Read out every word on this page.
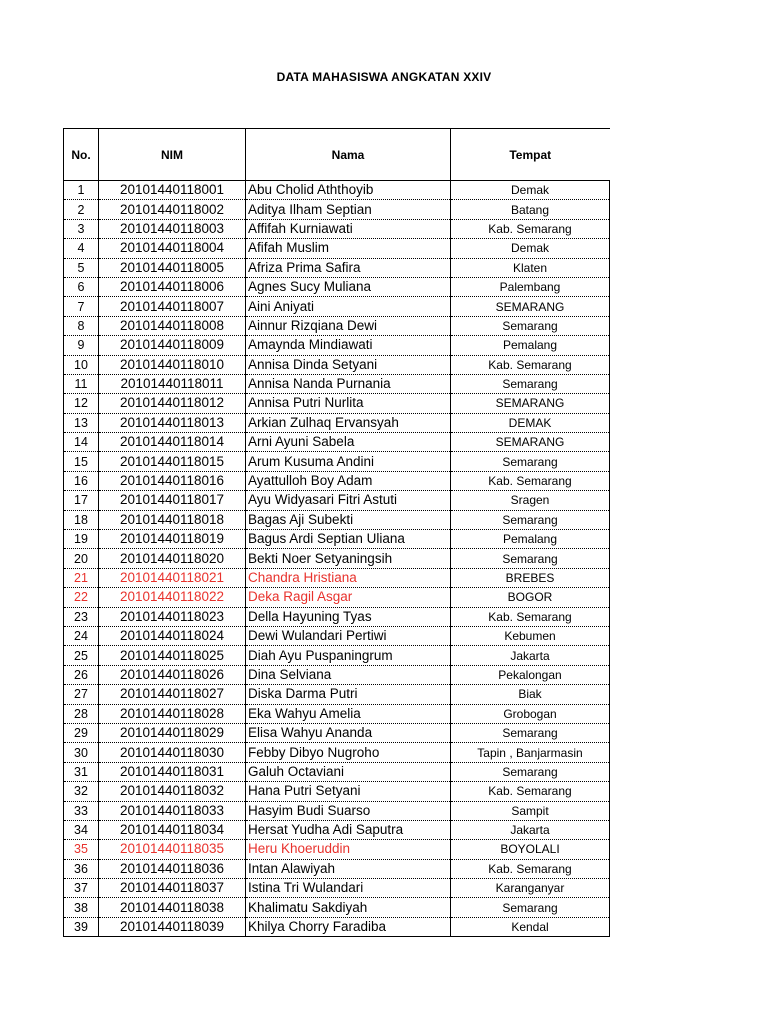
DATA MAHASISWA ANGKATAN XXIV
No.	NIM	Nama	Tempat
1	20101440118001	Abu Cholid Aththoyib	Demak
2	20101440118002	Aditya Ilham Septian	Batang
3	20101440118003	Affifah Kurniawati	Kab. Semarang
4	20101440118004	Afifah Muslim	Demak
5	20101440118005	Afriza Prima Safira	Klaten
6	20101440118006	Agnes Sucy Muliana	Palembang
7	20101440118007	Aini Aniyati	SEMARANG
8	20101440118008	Ainnur Rizqiana Dewi	Semarang
9	20101440118009	Amaynda Mindiawati	Pemalang
10	20101440118010	Annisa Dinda Setyani	Kab. Semarang
11	20101440118011	Annisa Nanda Purnania	Semarang
12	20101440118012	Annisa Putri Nurlita	SEMARANG
13	20101440118013	Arkian Zulhaq Ervansyah	DEMAK
14	20101440118014	Arni Ayuni Sabela	SEMARANG
15	20101440118015	Arum Kusuma Andini	Semarang
16	20101440118016	Ayattulloh Boy Adam	Kab. Semarang
17	20101440118017	Ayu Widyasari Fitri Astuti	Sragen
18	20101440118018	Bagas Aji Subekti	Semarang
19	20101440118019	Bagus Ardi Septian Uliana	Pemalang
20	20101440118020	Bekti Noer Setyaningsih	Semarang
21	20101440118021	Chandra Hristiana	BREBES
22	20101440118022	Deka Ragil Asgar	BOGOR
23	20101440118023	Della Hayuning Tyas	Kab. Semarang
24	20101440118024	Dewi Wulandari Pertiwi	Kebumen
25	20101440118025	Diah Ayu Puspaningrum	Jakarta
26	20101440118026	Dina Selviana	Pekalongan
27	20101440118027	Diska Darma Putri	Biak
28	20101440118028	Eka Wahyu Amelia	Grobogan
29	20101440118029	Elisa Wahyu Ananda	Semarang
30	20101440118030	Febby Dibyo Nugroho	Tapin , Banjarmasin
31	20101440118031	Galuh Octaviani	Semarang
32	20101440118032	Hana Putri Setyani	Kab. Semarang
33	20101440118033	Hasyim Budi Suarso	Sampit
34	20101440118034	Hersat Yudha Adi Saputra	Jakarta
35	20101440118035	Heru Khoeruddin	BOYOLALI
36	20101440118036	Intan Alawiyah	Kab. Semarang
37	20101440118037	Istina Tri Wulandari	Karanganyar
38	20101440118038	Khalimatu Sakdiyah	Semarang
39	20101440118039	Khilya Chorry Faradiba	Kendal
